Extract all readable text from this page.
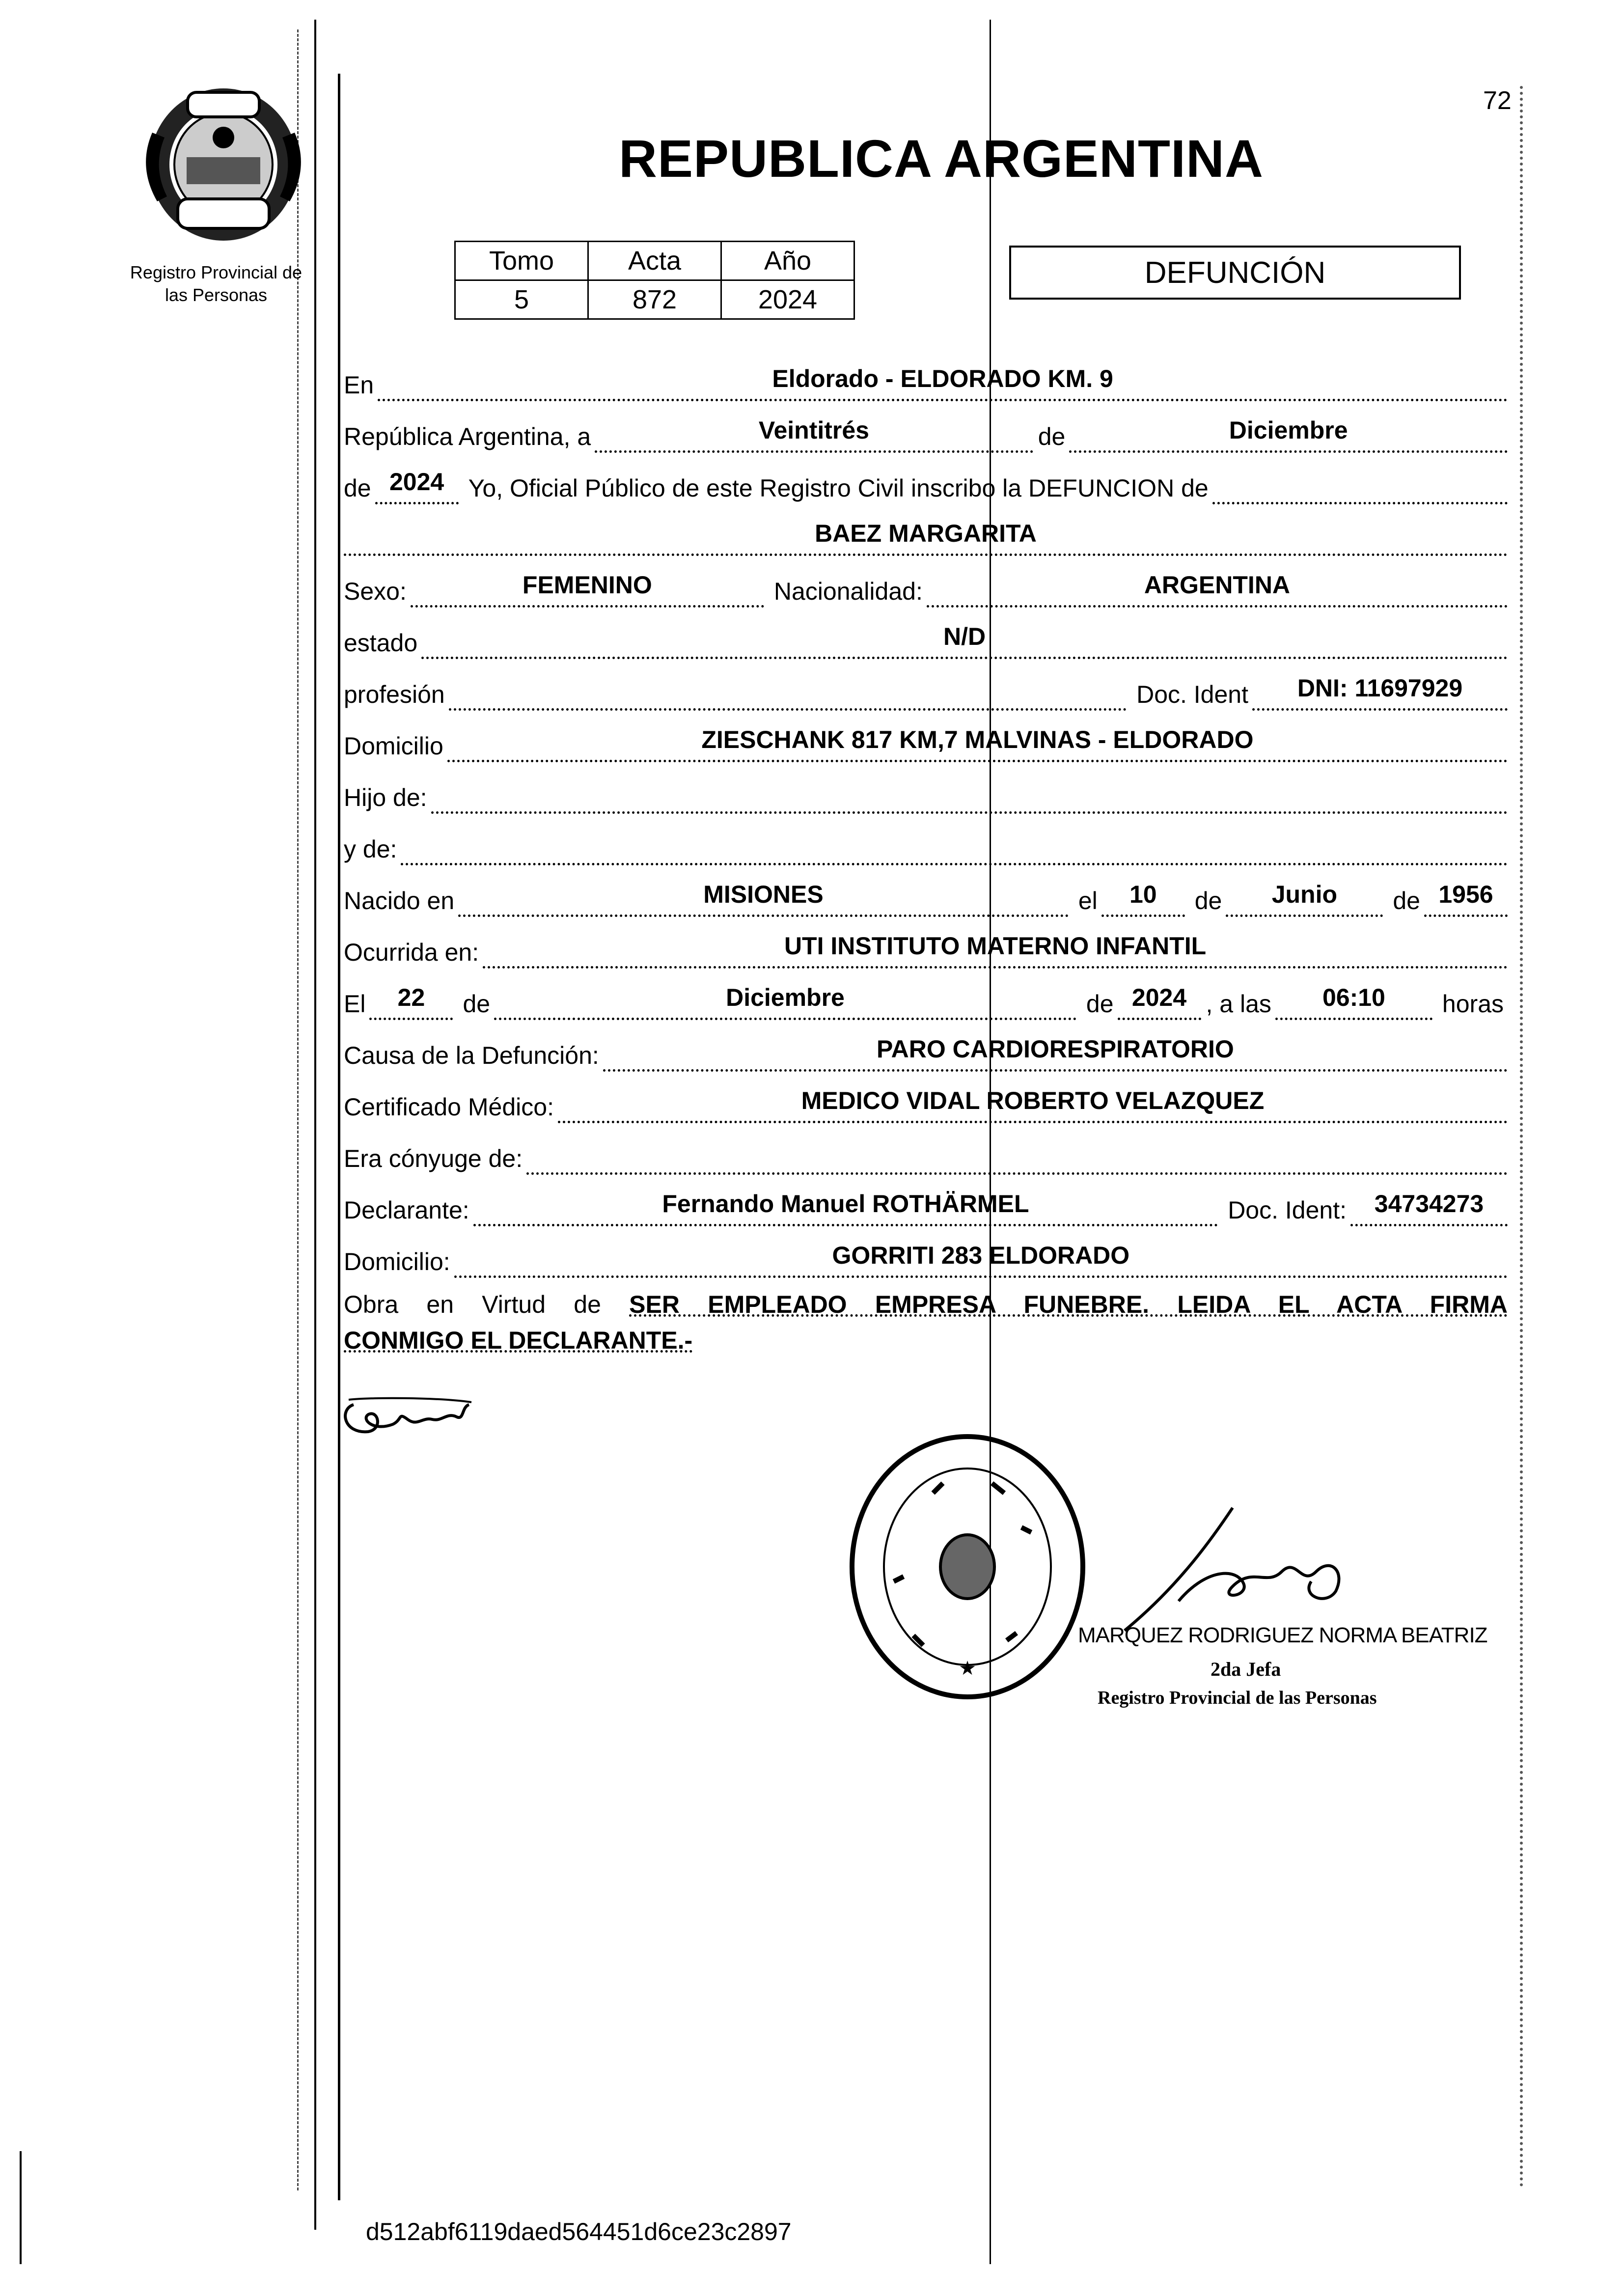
72
Registro Provincial de
las Personas
REPUBLICA ARGENTINA
Tomo	Acta	Año
5	872	2024
DEFUNCIÓN
En	Eldorado - ELDORADO KM. 9
República Argentina, a	Veintitrés	de	Diciembre
de 2024 Yo, Oficial Público de este Registro Civil inscribo la DEFUNCION de
BAEZ MARGARITA
Sexo:	FEMENINO	Nacionalidad:	ARGENTINA
estado	N/D
profesión	Doc. Ident	DNI: 11697929
Domicilio	ZIESCHANK 817 KM,7 MALVINAS - ELDORADO
Hijo de:
y de:
Nacido en	MISIONES	el	10	de	Junio	de 1956
Ocurrida en:	UTI INSTITUTO MATERNO INFANTIL
El	22	de	Diciembre	de 2024 , a las	06:10	horas
Causa de la Defunción:	PARO CARDIORESPIRATORIO
Certificado Médico:	MEDICO VIDAL ROBERTO VELAZQUEZ
Era cónyuge de:
Declarante:	Fernando Manuel ROTHÄRMEL	Doc. Ident:	34734273
Domicilio:	GORRITI 283 ELDORADO
Obra en Virtud de SER EMPLEADO EMPRESA FUNEBRE. LEIDA EL ACTA FIRMA
CONMIGO EL DECLARANTE.-
★
MARQUEZ RODRIGUEZ NORMA BEATRIZ
2da Jefa
Registro Provincial de las Personas
d512abf6119daed564451d6ce23c2897
